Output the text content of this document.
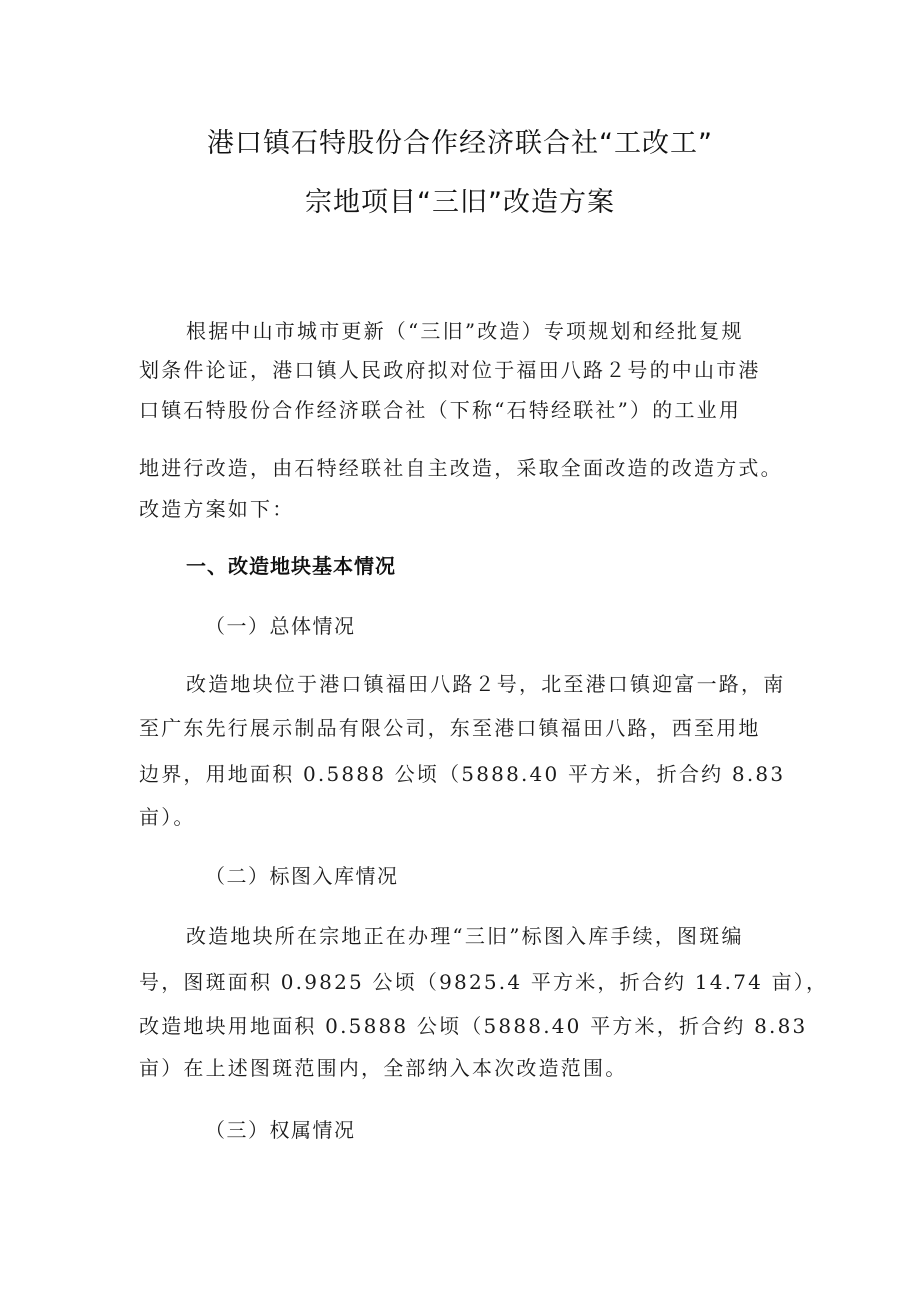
港口镇石特股份合作经济联合社“工改工”
宗地项目“三旧”改造方案
根据中山市城市更新（“三旧”改造）专项规划和经批复规
划条件论证，港口镇人民政府拟对位于福田八路２号的中山市港
口镇石特股份合作经济联合社（下称“石特经联社”）的工业用
地进行改造，由石特经联社自主改造，采取全面改造的改造方式。
改造方案如下：
一、改造地块基本情况
（一）总体情况
改造地块位于港口镇福田八路２号，北至港口镇迎富一路，南
至广东先行展示制品有限公司，东至港口镇福田八路，西至用地
边界，用地面积 0.5888 公顷（5888.40 平方米，折合约 8.83
亩）。
（二）标图入库情况
改造地块所在宗地正在办理“三旧”标图入库手续，图斑编
号，图斑面积 0.9825 公顷（9825.4 平方米，折合约 14.74 亩），
改造地块用地面积 0.5888 公顷（5888.40 平方米，折合约 8.83
亩）在上述图斑范围内，全部纳入本次改造范围。
（三）权属情况
